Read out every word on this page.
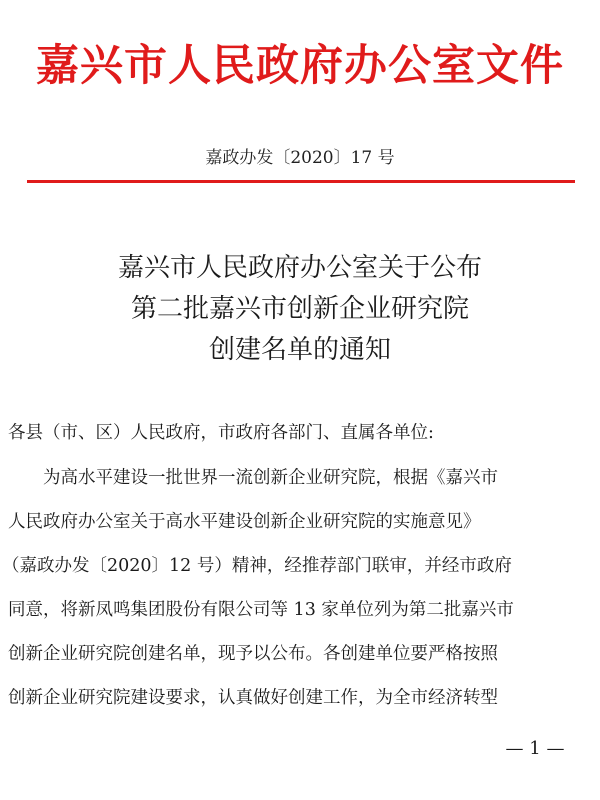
嘉兴市人民政府办公室文件
嘉政办发〔2020〕17 号
嘉兴市人民政府办公室关于公布
第二批嘉兴市创新企业研究院
创建名单的通知
各县（市、区）人民政府，市政府各部门、直属各单位:
　　为高水平建设一批世界一流创新企业研究院，根据《嘉兴市
人民政府办公室关于高水平建设创新企业研究院的实施意见》
（嘉政办发〔2020〕12 号）精神，经推荐部门联审，并经市政府
同意，将新凤鸣集团股份有限公司等 13 家单位列为第二批嘉兴市
创新企业研究院创建名单，现予以公布。各创建单位要严格按照
创新企业研究院建设要求，认真做好创建工作，为全市经济转型
— 1 —
